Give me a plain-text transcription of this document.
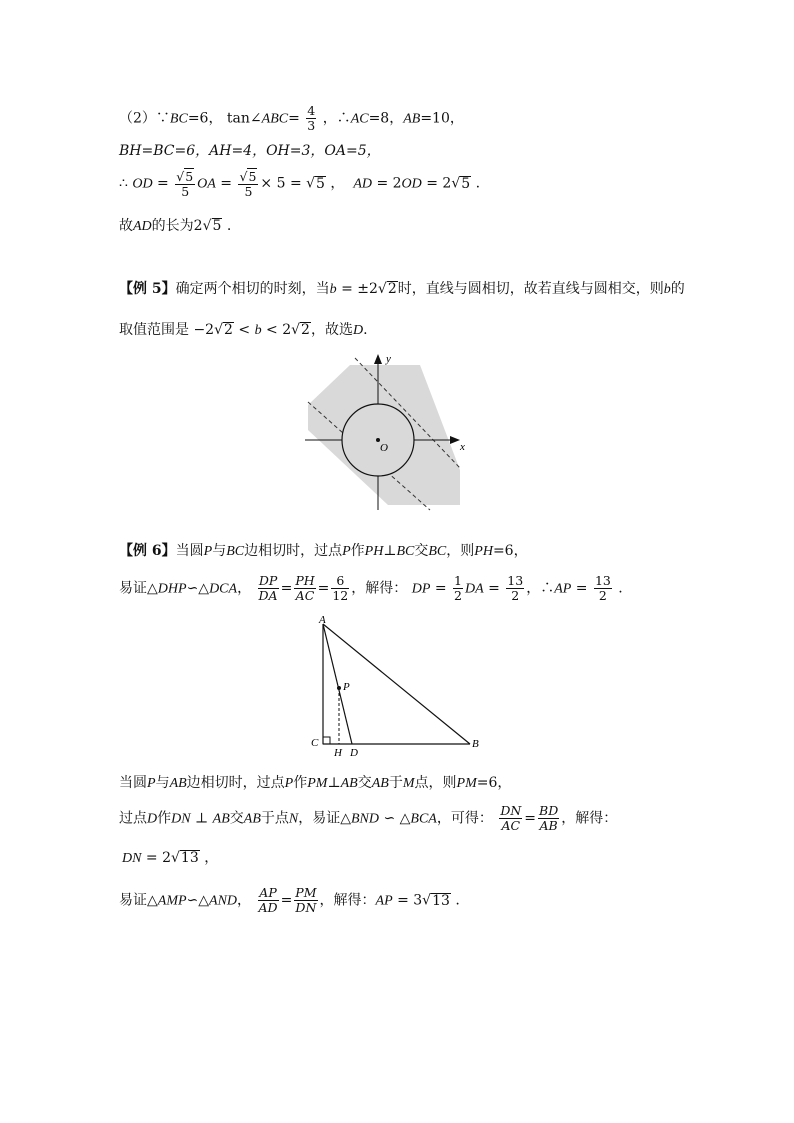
（2）∵BC=6， tan∠ABC= $\frac{4}{3}$ ，∴AC=8，AB=10，
BH=BC=6，AH=4，OH=3，OA=5，
∴ OD = $\frac{√5}{5}$ OA = $\frac{√5}{5} \times 5 = √5$ ， AD = 2OD = 2√5 .
故AD的长为2√5 .
【例 5】确定两个相切的时刻，当b = ±2√2时，直线与圆相切，故若直线与圆相交，则b的
取值范围是 −2√2 < b < 2√2，故选D.
y
x
O
【例 6】当圆P与BC边相切时，过点P作PH⊥BC交BC，则PH=6，
易证△DHP∽△DCA， $\frac{DP}{DA} = \frac{PH}{AC} = \frac{6}{12}$ ，解得： DP = $\frac{1}{2}$ DA = $\frac{13}{2}$ ，∴AP = $\frac{13}{2}$ .
A
B
C
D
H
P
当圆P与AB边相切时，过点P作PM⊥AB交AB于M点，则PM=6，
过点D作DN ⊥ AB交AB于点N，易证△BND ∽ △BCA，可得： $\frac{DN}{AC} = \frac{BD}{AB}$ ，解得：
DN = 2√13 ，
易证△AMP∽△AND， $\frac{AP}{AD} = \frac{PM}{DN}$ ，解得：AP = 3√13 .
